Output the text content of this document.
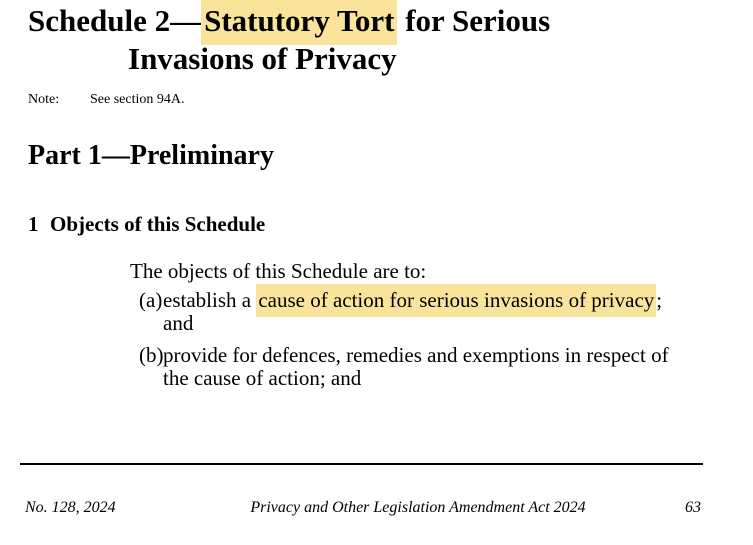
Schedule 2—Statutory Tort for Serious
Invasions of Privacy
Note: See section 94A.
Part 1—Preliminary
1 Objects of this Schedule

The objects of this Schedule are to:

(a) establish a cause of action for serious invasions of privacy;
and
(b) provide for defences, remedies and exemptions in respect of
the cause of action; and
No. 128, 2024	Privacy and Other Legislation Amendment Act 2024	63
